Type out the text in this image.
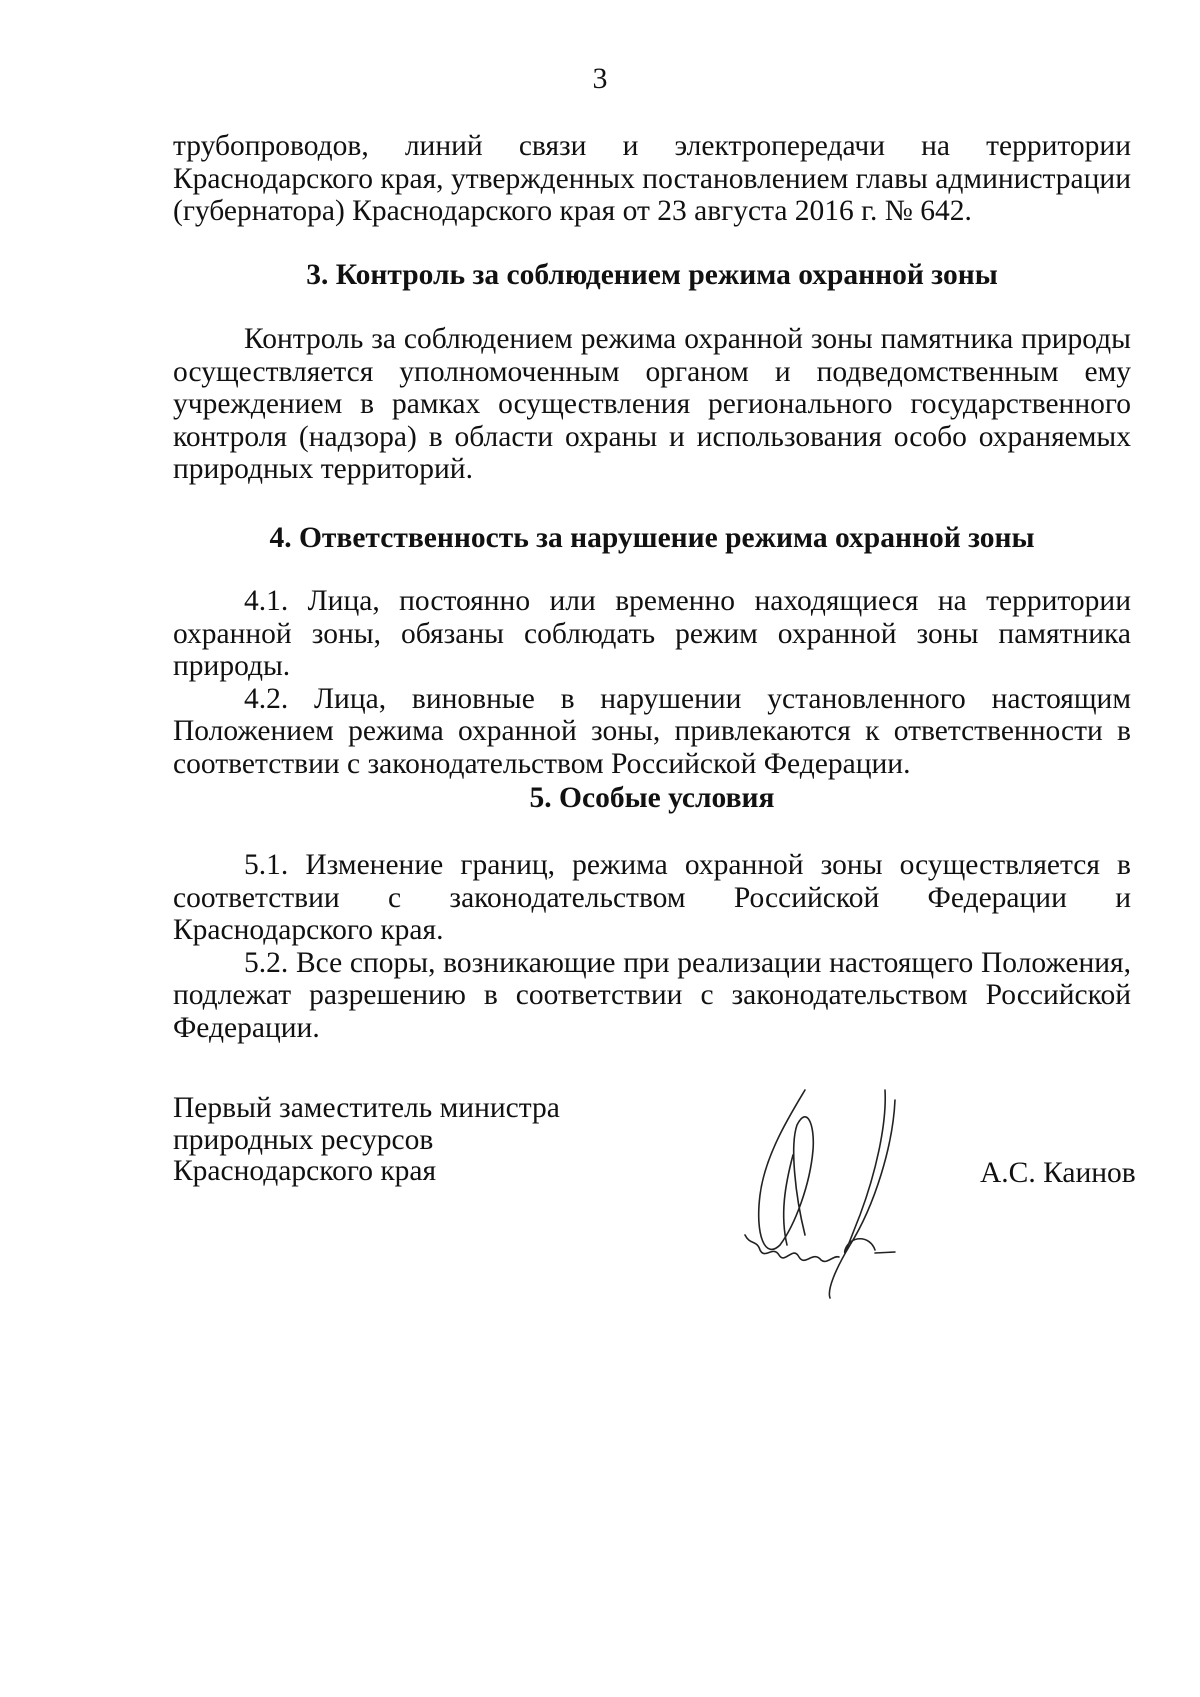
3

трубопроводов, линий связи и электропередачи на территории Краснодарского края, утвержденных постановлением главы администрации (губернатора) Краснодарского края от 23 августа 2016 г. № 642.

3. Контроль за соблюдением режима охранной зоны

Контроль за соблюдением режима охранной зоны памятника природы осуществляется уполномоченным органом и подведомственным ему учреждением в рамках осуществления регионального государственного контроля (надзора) в области охраны и использования особо охраняемых природных территорий.

4. Ответственность за нарушение режима охранной зоны

4.1. Лица, постоянно или временно находящиеся на территории охранной зоны, обязаны соблюдать режим охранной зоны памятника природы.

4.2. Лица, виновные в нарушении установленного настоящим Положением режима охранной зоны, привлекаются к ответственности в соответствии с законодательством Российской Федерации.

5. Особые условия

5.1. Изменение границ, режима охранной зоны осуществляется в соответствии с законодательством Российской Федерации и Краснодарского края.

5.2. Все споры, возникающие при реализации настоящего Положения, подлежат разрешению в соответствии с законодательством Российской Федерации.

Первый заместитель министра
природных ресурсов
Краснодарского края	А.С. Каинов
